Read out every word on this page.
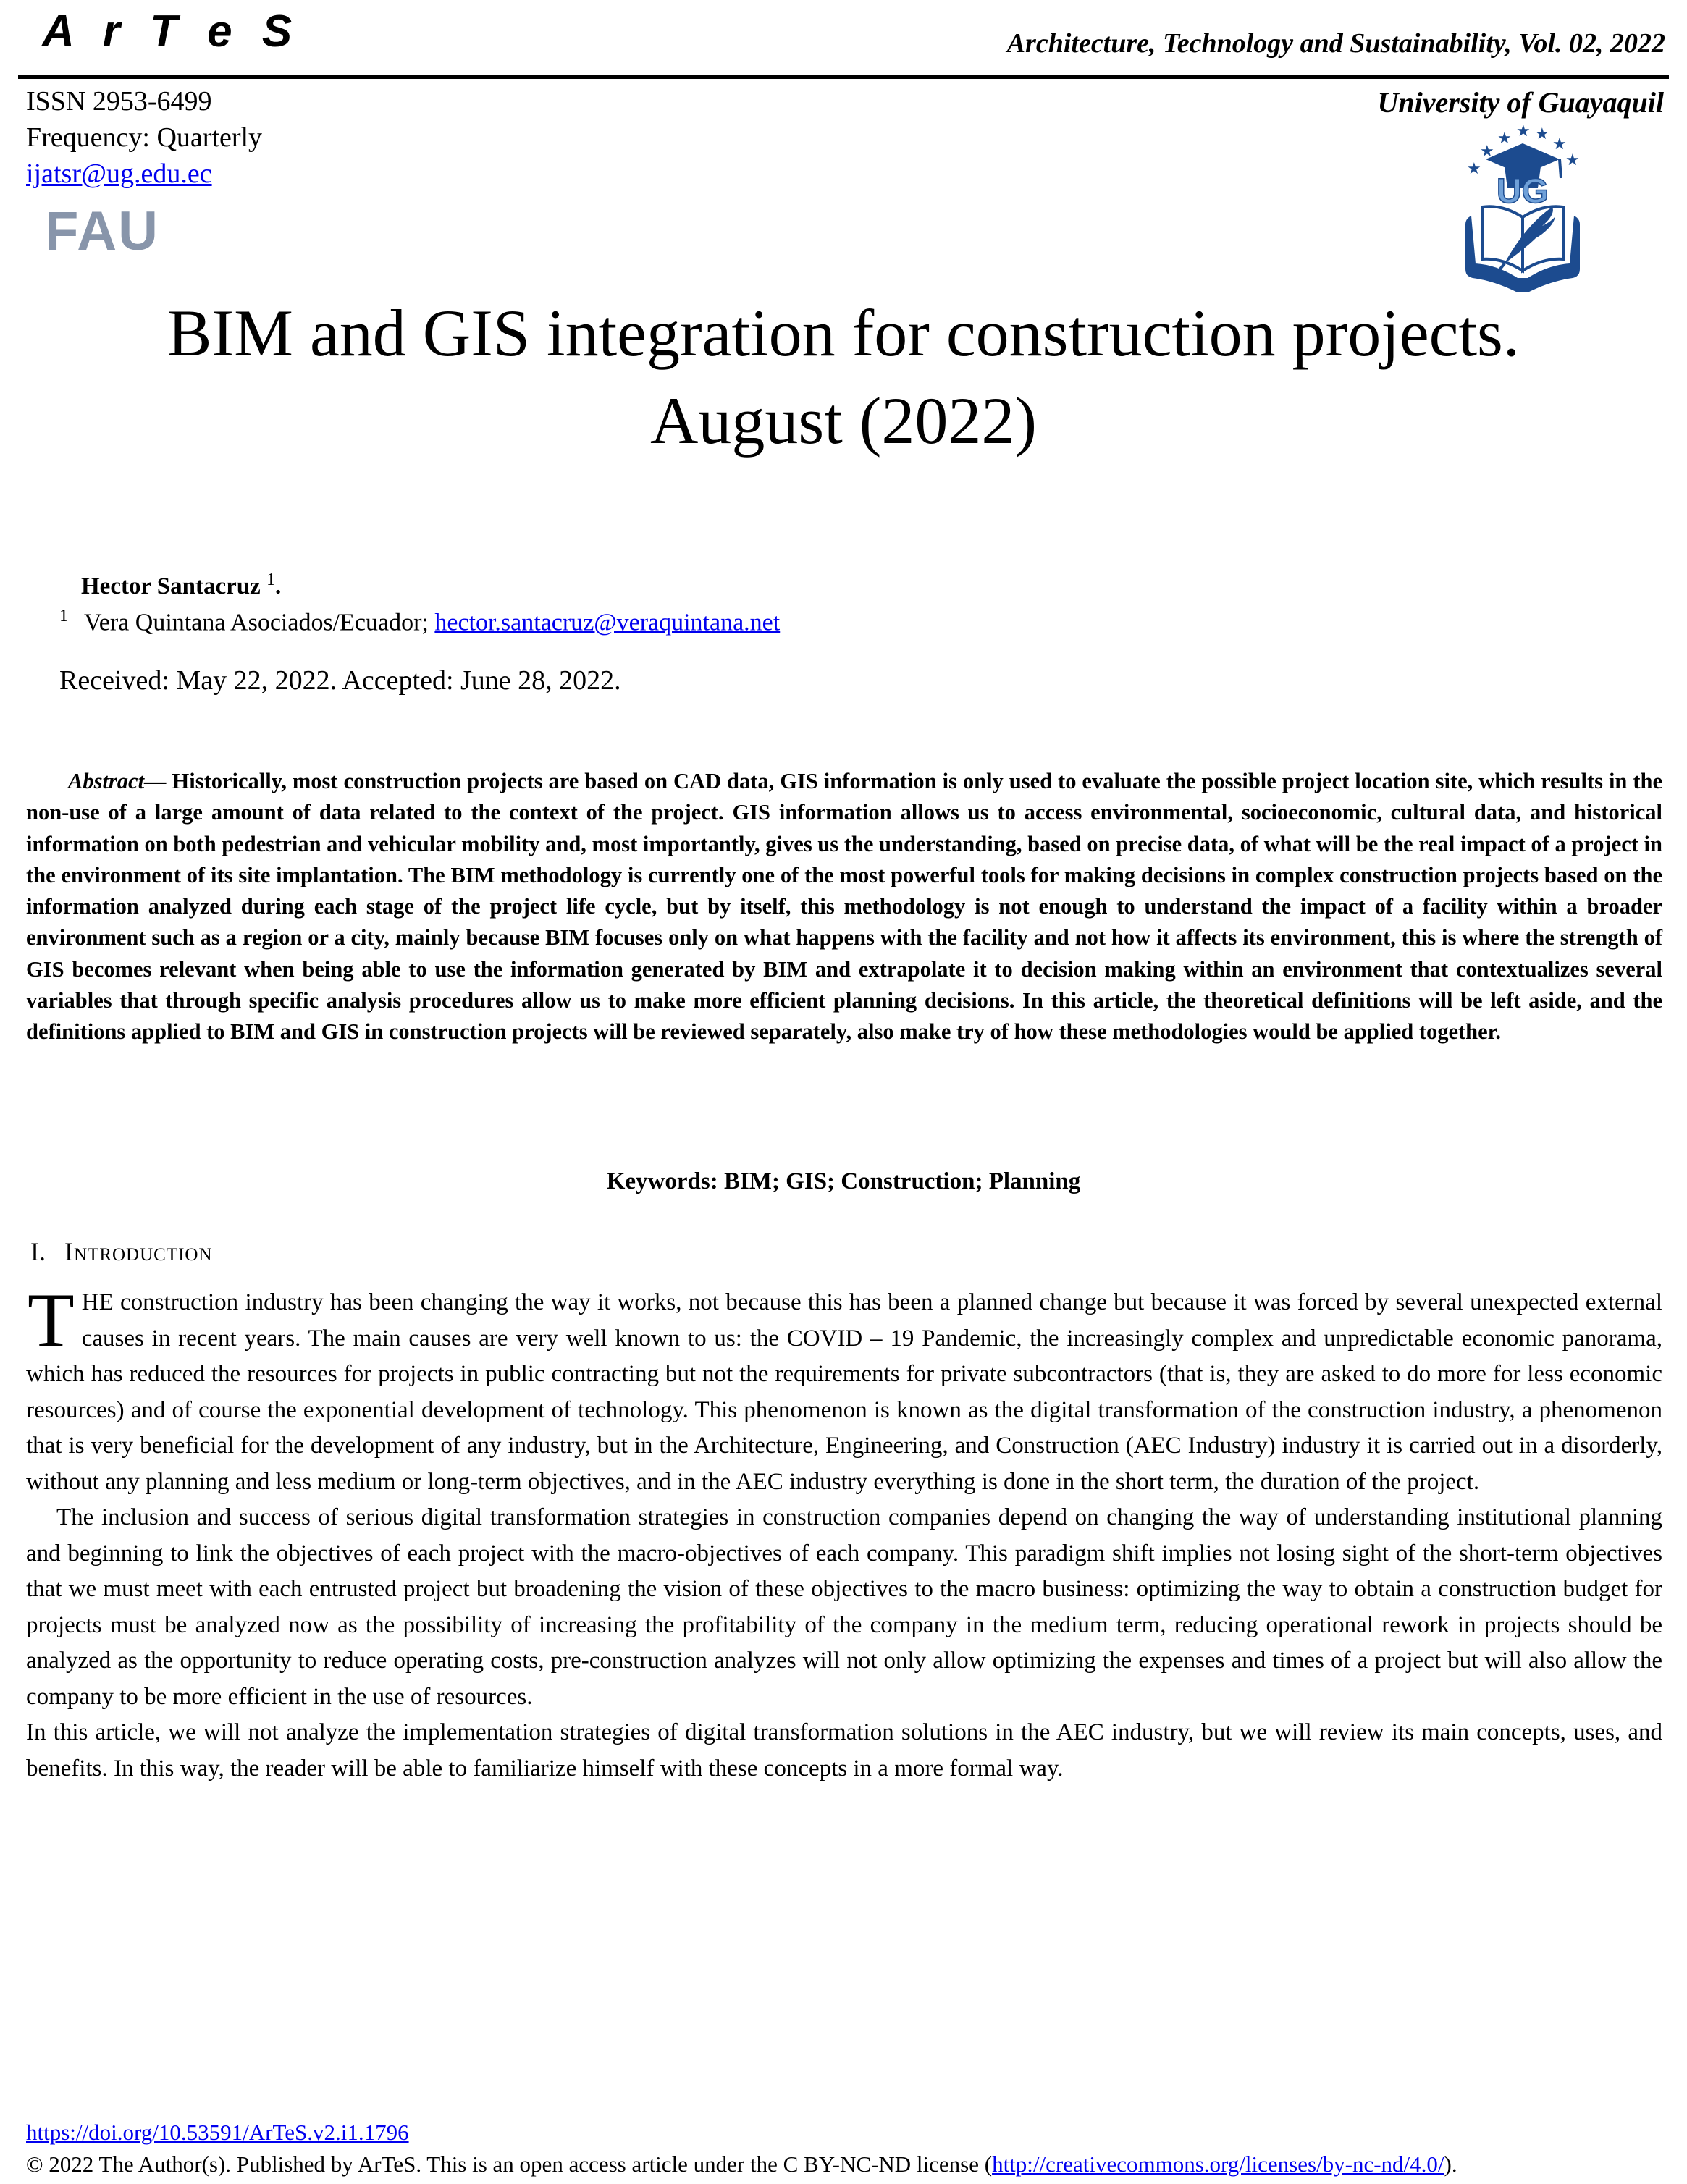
A r T e S	Architecture, Technology and Sustainability, Vol. 02, 2022
ISSN 2953-6499
Frequency: Quarterly
ijatsr@ug.edu.ec
University of Guayaquil
FAU
★
★
★ ★ ★
★
★
UG
BIM and GIS integration for construction projects.
August (2022)
Hector Santacruz $^1$.
$^1$ Vera Quintana Asociados/Ecuador; hector.santacruz@veraquintana.net
Received: May 22, 2022. Accepted: June 28, 2022.

Abstract— Historically, most construction projects are based on CAD data, GIS information is only used to evaluate the possible project location site, which results in the non-use of a large amount of data related to the context of the project. GIS information allows us to access environmental, socioeconomic, cultural data, and historical information on both pedestrian and vehicular mobility and, most importantly, gives us the understanding, based on precise data, of what will be the real impact of a project in the environment of its site implantation. The BIM methodology is currently one of the most powerful tools for making decisions in complex construction projects based on the information analyzed during each stage of the project life cycle, but by itself, this methodology is not enough to understand the impact of a facility within a broader environment such as a region or a city, mainly because BIM focuses only on what happens with the facility and not how it affects its environment, this is where the strength of GIS becomes relevant when being able to use the information generated by BIM and extrapolate it to decision making within an environment that contextualizes several variables that through specific analysis procedures allow us to make more efficient planning decisions. In this article, the theoretical definitions will be left aside, and the definitions applied to BIM and GIS in construction projects will be reviewed separately, also make try of how these methodologies would be applied together.

Keywords: BIM; GIS; Construction; Planning
I. Introduction

THE construction industry has been changing the way it works, not because this has been a planned change but because it was forced by several unexpected external causes in recent years. The main causes are very well known to us: the COVID – 19 Pandemic, the increasingly complex and unpredictable economic panorama, which has reduced the resources for projects in public contracting but not the requirements for private subcontractors (that is, they are asked to do more for less economic resources) and of course the exponential development of technology. This phenomenon is known as the digital transformation of the construction industry, a phenomenon that is very beneficial for the development of any industry, but in the Architecture, Engineering, and Construction (AEC Industry) industry it is carried out in a disorderly, without any planning and less medium or long-term objectives, and in the AEC industry everything is done in the short term, the duration of the project.

The inclusion and success of serious digital transformation strategies in construction companies depend on changing the way of understanding institutional planning and beginning to link the objectives of each project with the macro-objectives of each company. This paradigm shift implies not losing sight of the short-term objectives that we must meet with each entrusted project but broadening the vision of these objectives to the macro business: optimizing the way to obtain a construction budget for projects must be analyzed now as the possibility of increasing the profitability of the company in the medium term, reducing operational rework in projects should be analyzed as the opportunity to reduce operating costs, pre-construction analyzes will not only allow optimizing the expenses and times of a project but will also allow the company to be more efficient in the use of resources.

In this article, we will not analyze the implementation strategies of digital transformation solutions in the AEC industry, but we will review its main concepts, uses, and benefits. In this way, the reader will be able to familiarize himself with these concepts in a more formal way.

https://doi.org/10.53591/ArTeS.v2.i1.1796
© 2022 The Author(s). Published by ArTeS. This is an open access article under the C BY-NC-ND license (http://creativecommons.org/licenses/by-nc-nd/4.0/).
